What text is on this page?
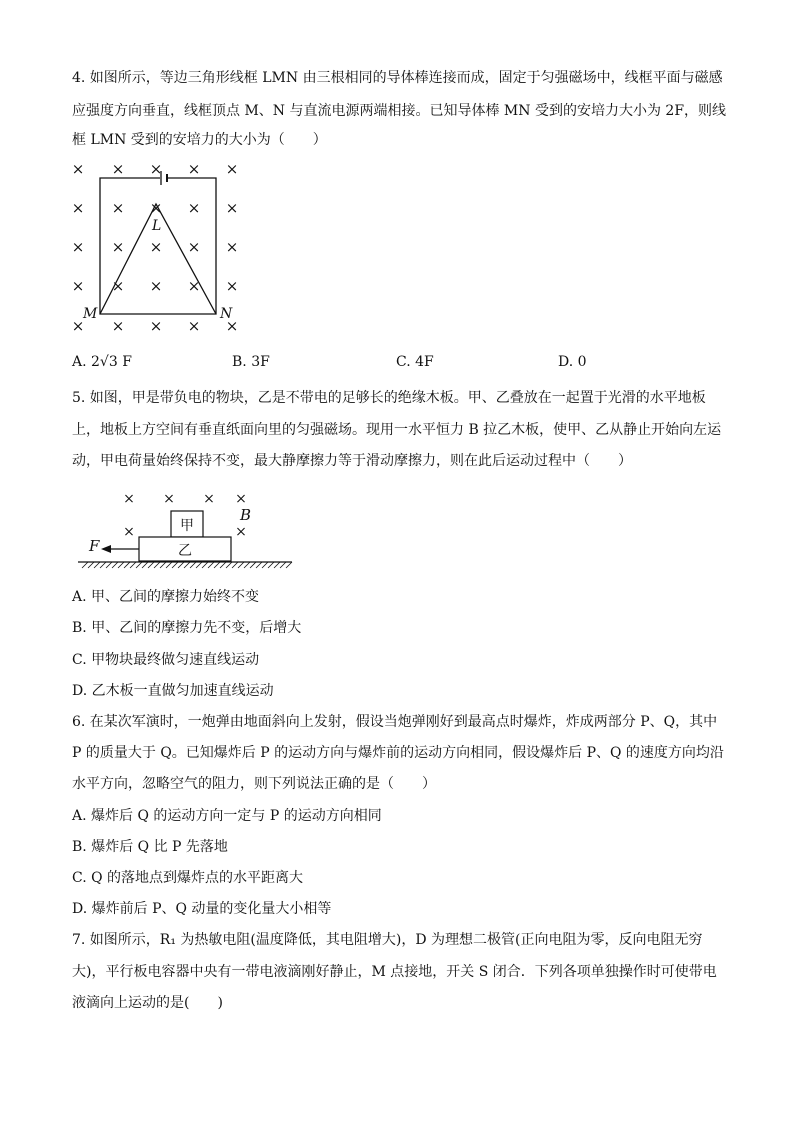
4. 如图所示，等边三角形线框 LMN 由三根相同的导体棒连接而成，固定于匀强磁场中，线框平面与磁感
应强度方向垂直，线框顶点 M、N 与直流电源两端相接。已知导体棒 MN 受到的安培力大小为 2F，则线
框 LMN 受到的安培力的大小为（　　）
× × × × ×
× × × × ×
× × × × ×
× × × × ×
× × × × ×
L
M	N
A. 2√3 F	B. 3F	C. 4F	D. 0
5. 如图，甲是带负电的物块，乙是不带电的足够长的绝缘木板。甲、乙叠放在一起置于光滑的水平地板
上，地板上方空间有垂直纸面向里的匀强磁场。现用一水平恒力 B 拉乙木板，使甲、乙从静止开始向左运
动，甲电荷量始终保持不变，最大静摩擦力等于滑动摩擦力，则在此后运动过程中（　　）
× × × ×
×	×
B
甲
乙
F
A. 甲、乙间的摩擦力始终不变
B. 甲、乙间的摩擦力先不变，后增大
C. 甲物块最终做匀速直线运动
D. 乙木板一直做匀加速直线运动
6. 在某次军演时，一炮弹由地面斜向上发射，假设当炮弹刚好到最高点时爆炸，炸成两部分 P、Q，其中
P 的质量大于 Q。已知爆炸后 P 的运动方向与爆炸前的运动方向相同，假设爆炸后 P、Q 的速度方向均沿
水平方向，忽略空气的阻力，则下列说法正确的是（　　）
A. 爆炸后 Q 的运动方向一定与 P 的运动方向相同
B. 爆炸后 Q 比 P 先落地
C. Q 的落地点到爆炸点的水平距离大
D. 爆炸前后 P、Q 动量的变化量大小相等
7. 如图所示，R₁ 为热敏电阻(温度降低，其电阻增大)，D 为理想二极管(正向电阻为零，反向电阻无穷
大)，平行板电容器中央有一带电液滴刚好静止，M 点接地，开关 S 闭合．下列各项单独操作时可使带电
液滴向上运动的是(　　)
